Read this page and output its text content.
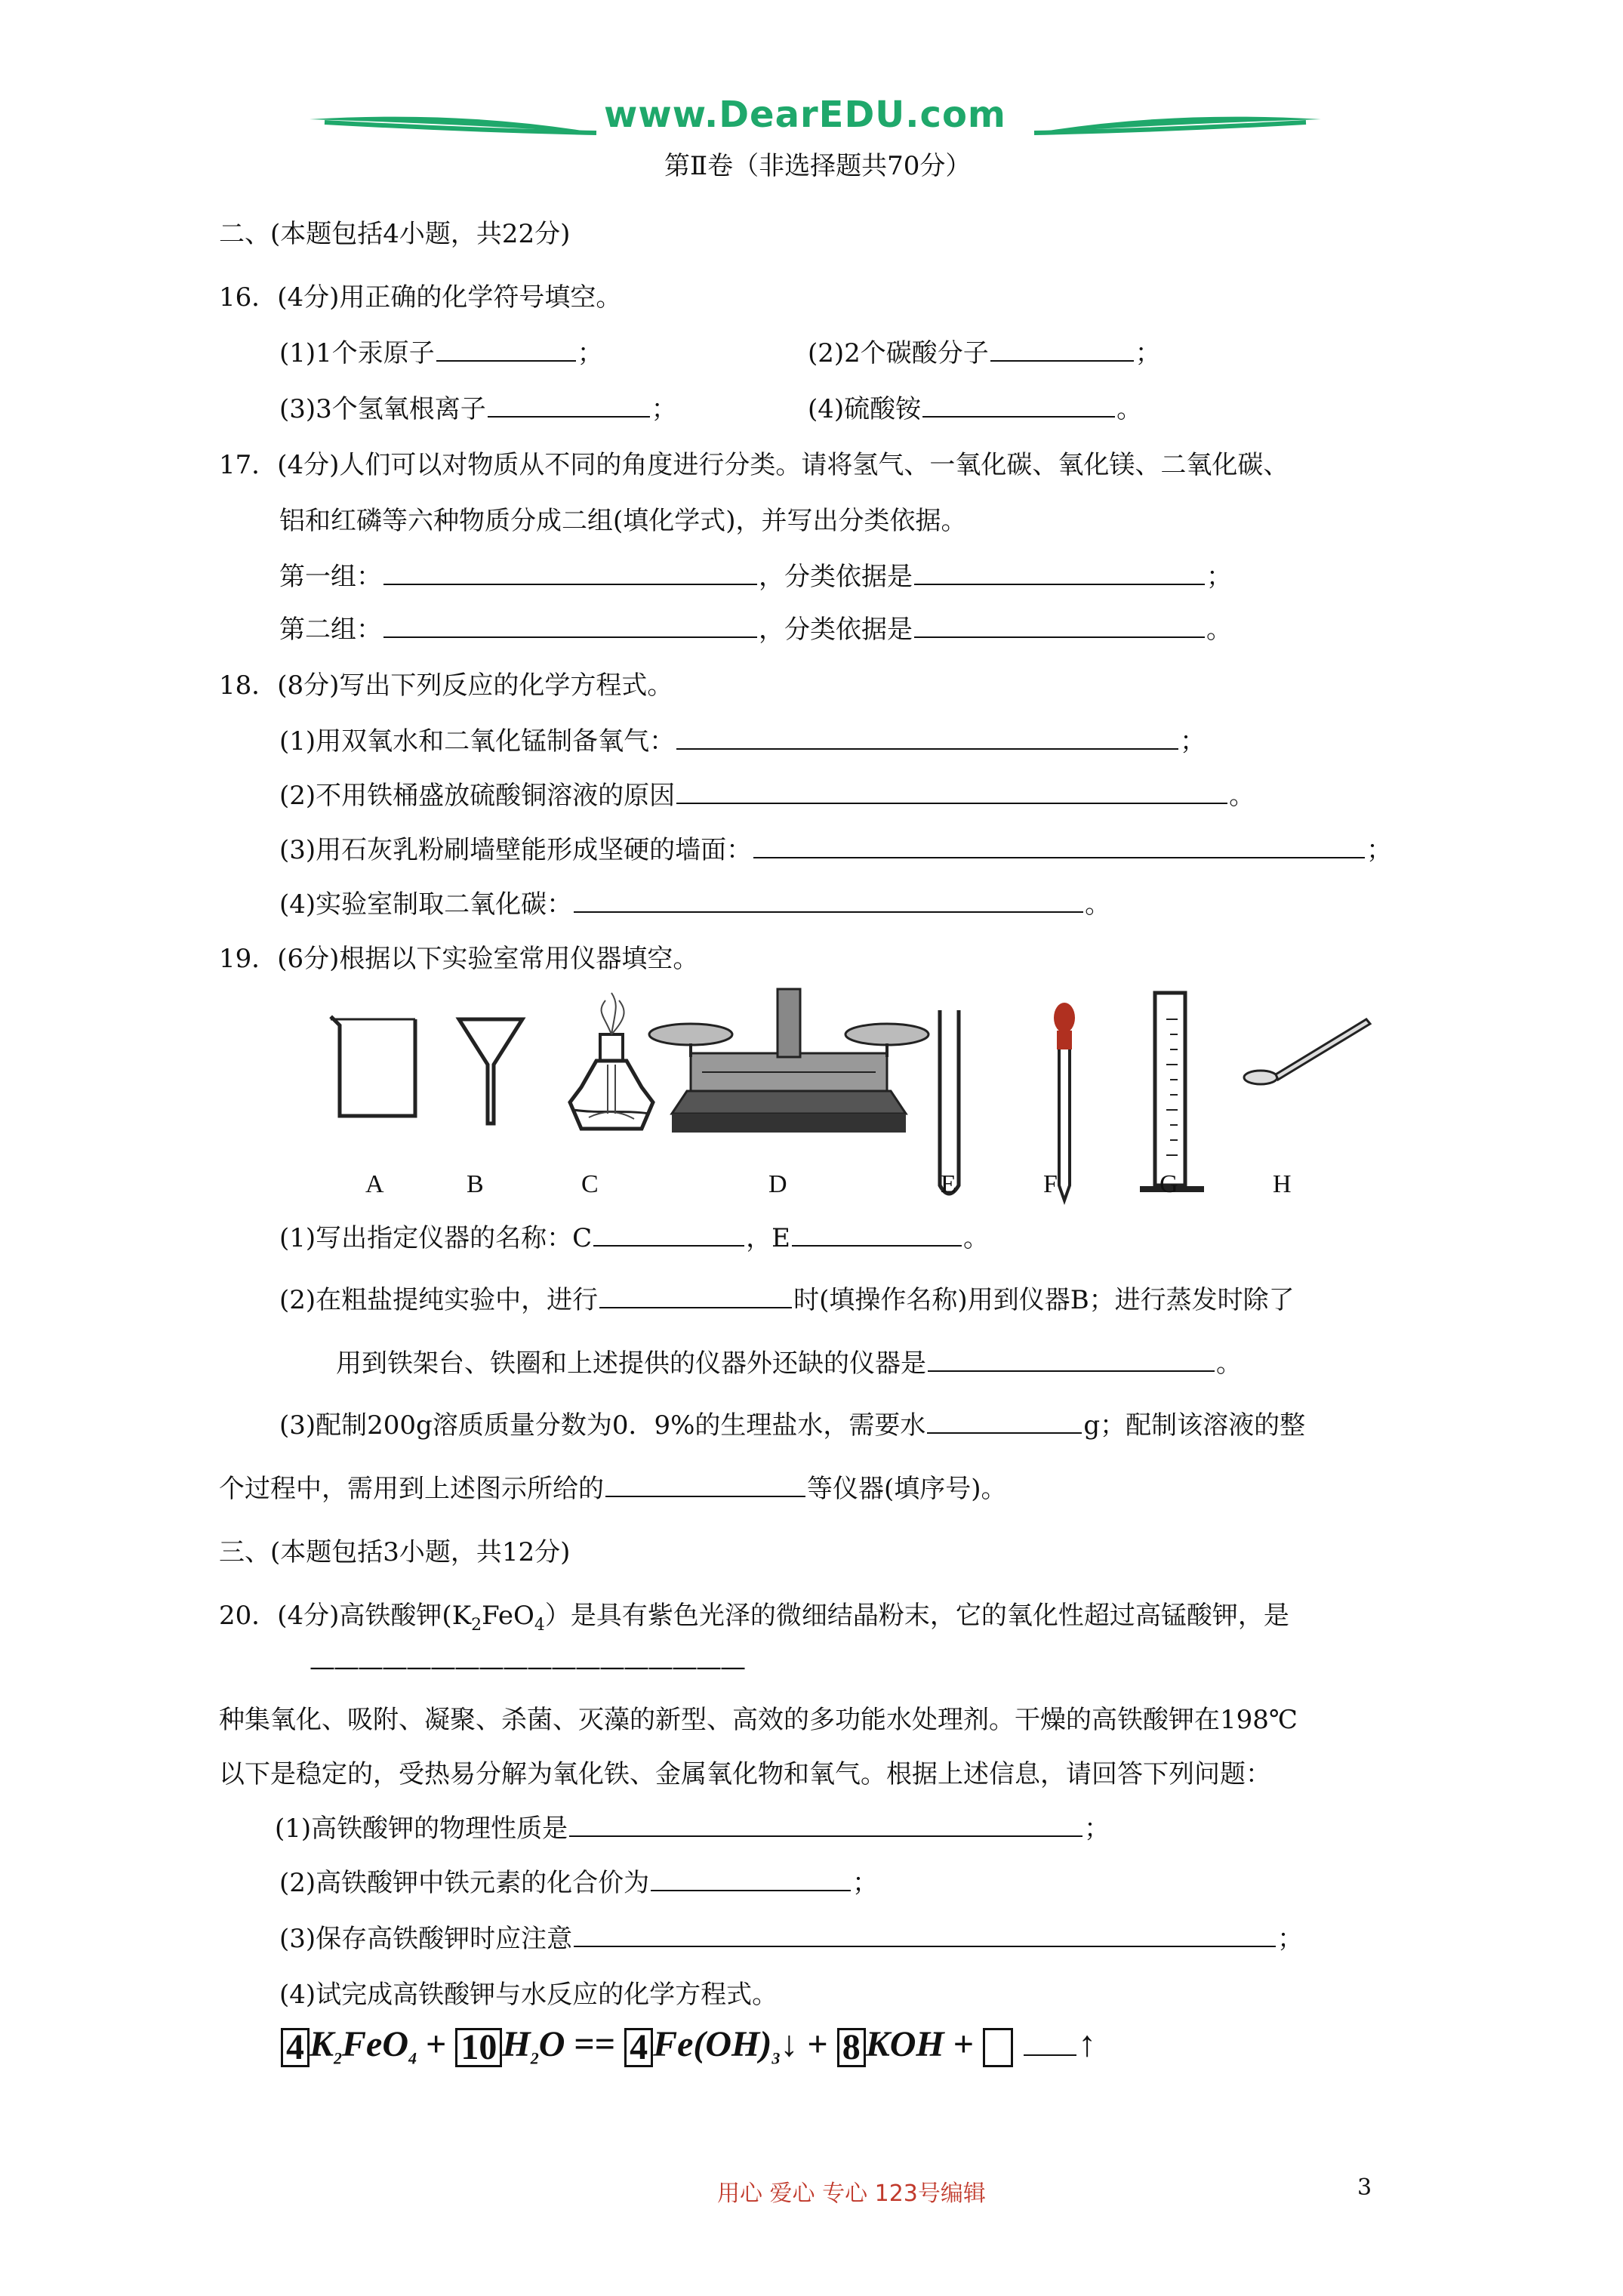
www.DearEDU.com
第Ⅱ卷（非选择题共70分）
二、(本题包括4小题，共22分)
16．(4分)用正确的化学符号填空。
(1)1个汞原子	；	(2)2个碳酸分子	；
(3)3个氢氧根离子	；	(4)硫酸铵	。
17．(4分)人们可以对物质从不同的角度进行分类。请将氢气、一氧化碳、氧化镁、二氧化碳、
铝和红磷等六种物质分成二组(填化学式)，并写出分类依据。
第一组：	，分类依据是	；
第二组：	，分类依据是	。
18．(8分)写出下列反应的化学方程式。
(1)用双氧水和二氧化锰制备氧气：	；
(2)不用铁桶盛放硫酸铜溶液的原因	。
(3)用石灰乳粉刷墙壁能形成坚硬的墙面：	；
(4)实验室制取二氧化碳：	。
19．(6分)根据以下实验室常用仪器填空。
A	B	C	D	E	F	G	H
(1)写出指定仪器的名称：C	，E	。
(2)在粗盐提纯实验中，进行	时(填操作名称)用到仪器B；进行蒸发时除了
用到铁架台、铁圈和上述提供的仪器外还缺的仪器是	。
(3)配制200g溶质质量分数为0．9%的生理盐水，需要水	g；配制该溶液的整
个过程中，需用到上述图示所给的	等仪器(填序号)。
三、(本题包括3小题，共12分)
20．(4分)高铁酸钾$(K_2FeO_4)$是具有紫色光泽的微细结晶粉末，它的氧化性超过高锰酸钾，是
——————————————————
种集氧化、吸附、凝聚、杀菌、灭藻的新型、高效的多功能水处理剂。干燥的高铁酸钾在198℃
以下是稳定的，受热易分解为氧化铁、金属氧化物和氧气。根据上述信息，请回答下列问题：
(1)高铁酸钾的物理性质是	；
(2)高铁酸钾中铁元素的化合价为	；
(3)保存高铁酸钾时应注意	；
(4)试完成高铁酸钾与水反应的化学方程式。
4 $K_2FeO_4 + 10$ $H_2O == 4$ $Fe(OH)_3↓ + 8$ KOH +	↑
用心 爱心 专心 123号编辑	3
